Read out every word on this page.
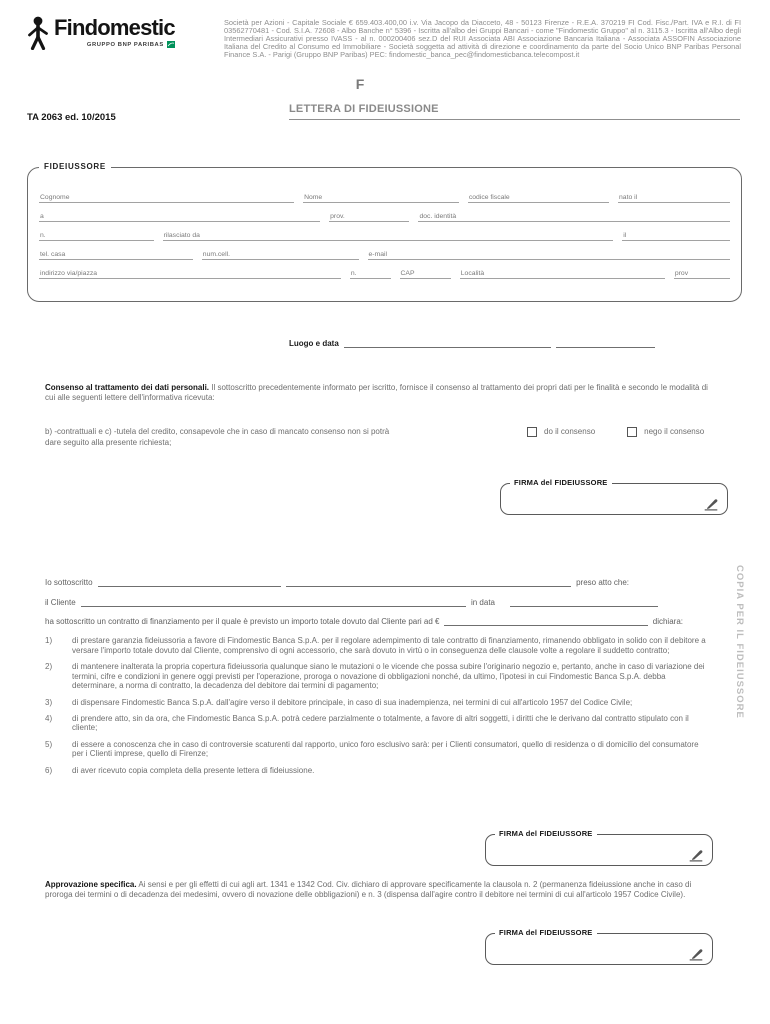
Findomestic
GRUPPO BNP PARIBAS

Società per Azioni - Capitale Sociale € 659.403.400,00 i.v. Via Jacopo da Diacceto, 48 - 50123 Firenze - R.E.A. 370219 FI Cod. Fisc./Part. IVA e R.I. di FI 03562770481 - Cod. S.I.A. 72608 - Albo Banche n° 5396 - Iscritta all'albo dei Gruppi Bancari - come "Findomestic Gruppo" al n. 3115.3 - Iscritta all'Albo degli Intermediari Assicurativi presso IVASS - al n. 000200406 sez.D del RUI Associata ABI Associazione Bancaria Italiana - Associata ASSOFIN Associazione Italiana del Credito al Consumo ed Immobiliare - Società soggetta ad attività di direzione e coordinamento da parte del Socio Unico BNP Paribas Personal Finance S.A. - Parigi (Gruppo BNP Paribas) PEC: findomestic_banca_pec@findomesticbanca.telecompost.it

F
TA 2063 ed. 10/2015
LETTERA DI FIDEIUSSIONE
FIDEIUSSORE
Cognome	Nome	codice fiscale	nato il
a	prov.	doc. identità
n.	rilasciato da	il
tel. casa	num.cell.	e-mail
indirizzo via/piazza	n.	CAP	Località	prov
Luogo e data

Consenso al trattamento dei dati personali. Il sottoscritto precedentemente informato per iscritto, fornisce il consenso al trattamento dei propri dati per le finalità e secondo le modalità di cui alle seguenti lettere dell'informativa ricevuta:

b) -contrattuali e c) -tutela del credito, consapevole che in caso di mancato consenso non si potrà	do il consenso	nego il consenso
dare seguito alla presente richiesta;
FIRMA del FIDEIUSSORE
COPIA PER IL FIDEIUSSORE
Io sottoscritto	preso atto che:
il Cliente	in data
ha sottoscritto un contratto di finanziamento per il quale è previsto un importo totale dovuto dal Cliente pari ad €	dichiara:
1)	di prestare garanzia fideiussoria a favore di Findomestic Banca S.p.A. per il regolare adempimento di tale contratto di finanziamento, rimanendo obbligato in solido con il debitore a versare l'importo totale dovuto dal Cliente, comprensivo di ogni accessorio, che sarà dovuto in virtù o in conseguenza delle clausole volte a regolare il suddetto contratto;
2)	di mantenere inalterata la propria copertura fideiussoria qualunque siano le mutazioni o le vicende che possa subire l'originario negozio e, pertanto, anche in caso di variazione dei termini, cifre e condizioni in genere oggi previsti per l'operazione, proroga o novazione di obbligazioni nonché, da ultimo, l'ipotesi in cui Findomestic Banca S.p.A. debba determinare, a norma di contratto, la decadenza del debitore dai termini di pagamento;
3)	di dispensare Findomestic Banca S.p.A. dall'agire verso il debitore principale, in caso di sua inadempienza, nei termini di cui all'articolo 1957 del Codice Civile;
4)	di prendere atto, sin da ora, che Findomestic Banca S.p.A. potrà cedere parzialmente o totalmente, a favore di altri soggetti, i diritti che le derivano dal contratto stipulato con il cliente;
5)	di essere a conoscenza che in caso di controversie scaturenti dal rapporto, unico foro esclusivo sarà: per i Clienti consumatori, quello di residenza o di domicilio del consumatore per i Clienti imprese, quello di Firenze;
6)	di aver ricevuto copia completa della presente lettera di fideiussione.
FIRMA del FIDEIUSSORE

Approvazione specifica. Ai sensi e per gli effetti di cui agli art. 1341 e 1342 Cod. Civ. dichiaro di approvare specificamente la clausola n. 2 (permanenza fideiussione anche in caso di proroga dei termini o di decadenza dei medesimi, ovvero di novazione delle obbligazioni) e n. 3 (dispensa dall'agire contro il debitore nei termini di cui all'articolo 1957 Codice Civile).

FIRMA del FIDEIUSSORE
